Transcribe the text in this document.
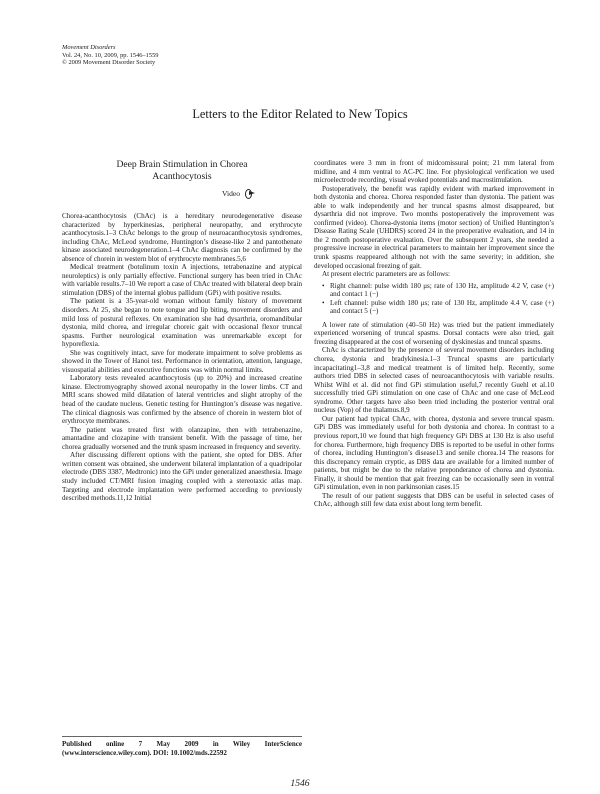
Movement Disorders
Vol. 24, No. 10, 2009, pp. 1546–1559
© 2009 Movement Disorder Society
Letters to the Editor Related to New Topics
Deep Brain Stimulation in Chorea
Acanthocytosis
Video

Chorea-acanthocytosis (ChAc) is a hereditary neurodegenerative disease characterized by hyperkinesias, peripheral neuropathy, and erythrocyte acanthocytosis.1–3 ChAc belongs to the group of neuroacanthocytosis syndromes, including ChAc, McLeod syndrome, Huntington’s disease-like 2 and pantothenate kinase associated neurodegeneration.1–4 ChAc diagnosis can be confirmed by the absence of chorein in western blot of erythrocyte membranes.5,6

Medical treatment (botulinum toxin A injections, tetrabenazine and atypical neuroleptics) is only partially effective. Functional surgery has been tried in ChAc with variable results.7–10 We report a case of ChAc treated with bilateral deep brain stimulation (DBS) of the internal globus pallidum (GPi) with positive results.

The patient is a 35-year-old woman without family history of movement disorders. At 25, she began to note tongue and lip biting, movement disorders and mild loss of postural reflexes. On examination she had dysarthria, oromandibular dystonia, mild chorea, and irregular choreic gait with occasional flexor truncal spasms. Further neurological examination was unremarkable except for hyporeflexia.

She was cognitively intact, save for moderate impairment to solve problems as showed in the Tower of Hanoi test. Performance in orientation, attention, language, visuospatial abilities and executive functions was within normal limits.

Laboratory tests revealed acanthocytosis (up to 20%) and increased creatine kinase. Electromyography showed axonal neuropathy in the lower limbs. CT and MRI scans showed mild dilatation of lateral ventricles and slight atrophy of the head of the caudate nucleus. Genetic testing for Huntington’s disease was negative. The clinical diagnosis was confirmed by the absence of chorein in western blot of erythrocyte membranes.

The patient was treated first with olanzapine, then with tetrabenazine, amantadine and clozapine with transient benefit. With the passage of time, her chorea gradually worsened and the trunk spasm increased in frequency and severity.

After discussing different options with the patient, she opted for DBS. After written consent was obtained, she underwent bilateral implantation of a quadripolar electrode (DBS 3387, Medtronic) into the GPi under generalized anaesthesia. Image study included CT/MRI fusion imaging coupled with a stereotaxic atlas map. Targeting and electrode implantation were performed according to previously described methods.11,12 Initial

Published online 7 May 2009 in Wiley InterScience (www.interscience.wiley.com). DOI: 10.1002/mds.22592

coordinates were 3 mm in front of midcomissural point; 21 mm lateral from midline, and 4 mm ventral to AC-PC line. For physiological verification we used microelectrode recording, visual evoked potentials and macrostimulation.

Postoperatively, the benefit was rapidly evident with marked improvement in both dystonia and chorea. Chorea responded faster than dystonia. The patient was able to walk independently and her truncal spasms almost disappeared, but dysarthria did not improve. Two months postoperatively the improvement was confirmed (video). Chorea-dystonia items (motor section) of Unified Huntington’s Disease Rating Scale (UHDRS) scored 24 in the preoperative evaluation, and 14 in the 2 month postoperative evaluation. Over the subsequent 2 years, she needed a progressive increase in electrical parameters to maintain her improvement since the trunk spasms reappeared although not with the same severity; in addition, she developed occasional freezing of gait.

At present electric parameters are as follows:

• Right channel: pulse width 180 μs; rate of 130 Hz, amplitude 4.2 V, case (+) and contact 1 (−)
• Left channel: pulse width 180 μs; rate of 130 Hz, amplitude 4.4 V, case (+) and contact 5 (−)

A lower rate of stimulation (40–50 Hz) was tried but the patient immediately experienced worsening of truncal spasms. Dorsal contacts were also tried, gait freezing disappeared at the cost of worsening of dyskinesias and truncal spasms.

ChAc is characterized by the presence of several movement disorders including chorea, dystonia and bradykinesia.1–3 Truncal spasms are particularly incapacitating1–3,8 and medical treatment is of limited help. Recently, some authors tried DBS in selected cases of neuroacanthocytosis with variable results. Whilst Wihl et al. did not find GPi stimulation useful,7 recently Guehl et al.10 successfully tried GPi stimulation on one case of ChAc and one case of McLeod syndrome. Other targets have also been tried including the posterior ventral oral nucleus (Vop) of the thalamus.8,9

Our patient had typical ChAc, with chorea, dystonia and severe truncal spasm. GPi DBS was immediately useful for both dystonia and chorea. In contrast to a previous report,10 we found that high frequency GPi DBS at 130 Hz is also useful for chorea. Furthermore, high frequency DBS is reported to be useful in other forms of chorea, including Huntington’s disease13 and senile chorea.14 The reasons for this discrepancy remain cryptic, as DBS data are available for a limited number of patients, but might be due to the relative preponderance of chorea and dystonia. Finally, it should be mention that gait freezing can be occasionally seen in ventral GPi stimulation, even in non parkinsonian cases.15

The result of our patient suggests that DBS can be useful in selected cases of ChAc, although still few data exist about long term benefit.

1546
